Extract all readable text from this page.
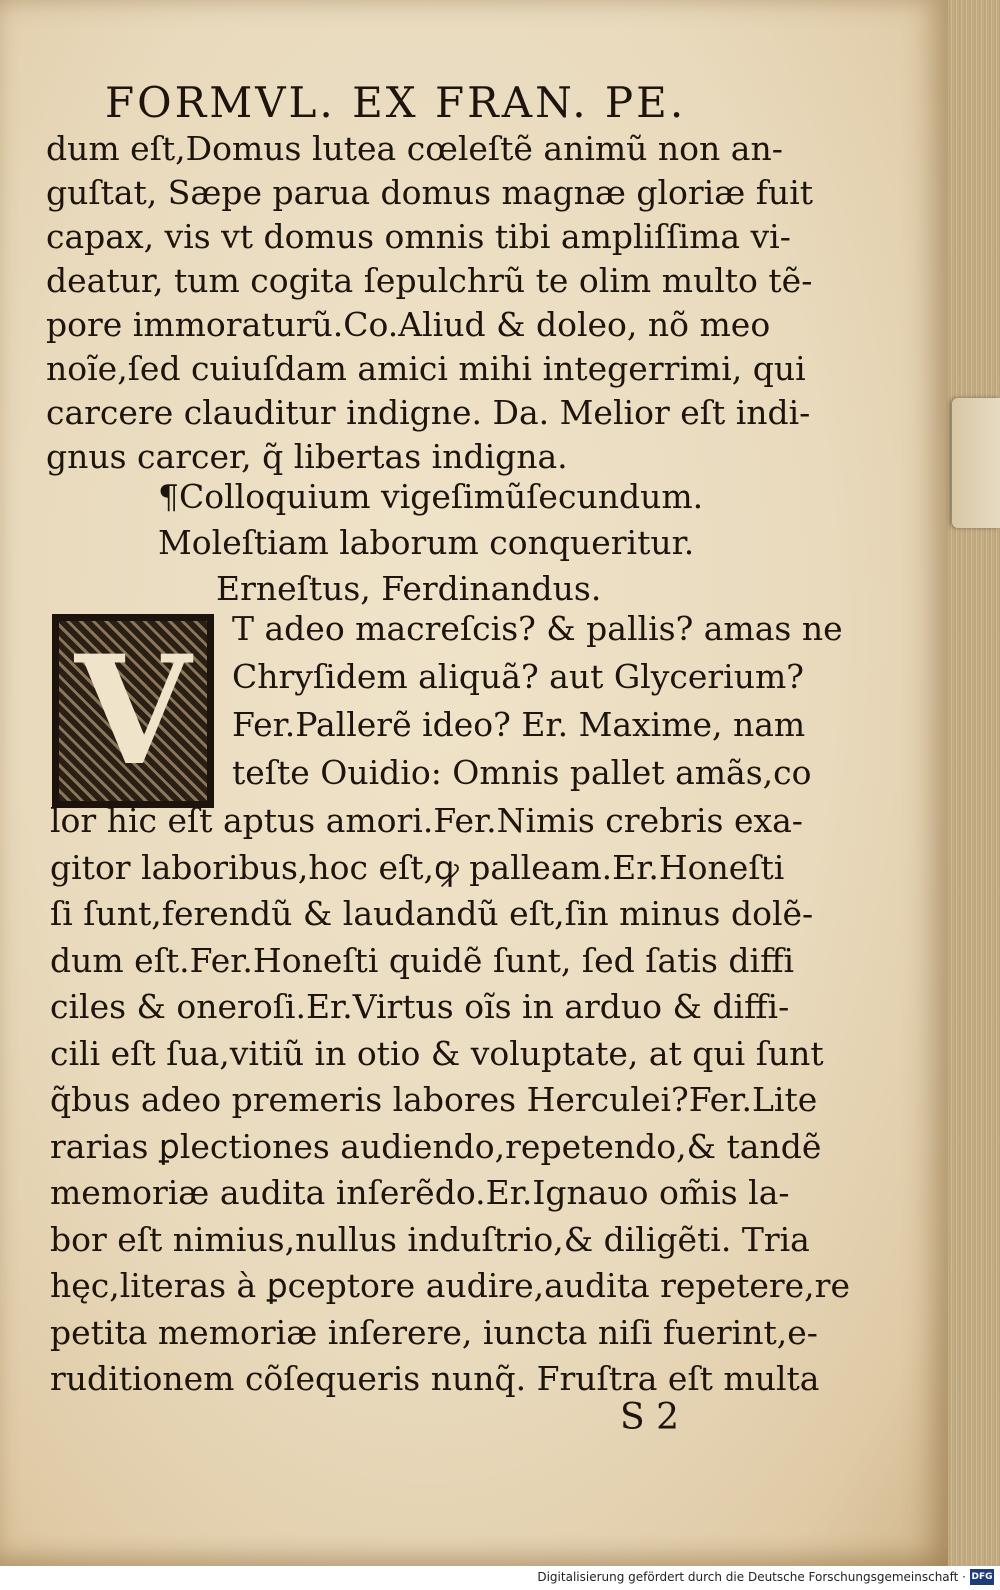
FORMVL. EX FRAN. PE.
dum eſt,Domus lutea cœleſtẽ animũ non an-
guſtat, Sæpe parua domus magnæ gloriæ fuit
capax, vis vt domus omnis tibi ampliſſima vi-
deatur, tum cogita ſepulchrũ te olim multo tẽ-
pore immoraturũ.Co.Aliud & doleo, nõ meo
noĩe,ſed cuiuſdam amici mihi integerrimi, qui
carcere clauditur indigne. Da. Melior eſt indi-
gnus carcer, q̃ libertas indigna.
¶Colloquium vigeſimũſecundum.
Moleſtiam laborum conqueritur.
Erneſtus, Ferdinandus.
V	T adeo macreſcis? & pallis? amas ne
Chryſidem aliquã? aut Glycerium?
Fer.Pallerẽ ideo? Er. Maxime, nam
teſte Ouidio: Omnis pallet amãs,co
lor hic eſt aptus amori.Fer.Nimis crebris exa-
gitor laboribus,hoc eſt,ꝙ palleam.Er.Honeſti
ſi ſunt,ferendũ & laudandũ eſt,ſin minus dolẽ-
dum eſt.Fer.Honeſti quidẽ ſunt, ſed ſatis diffi
ciles & oneroſi.Er.Virtus oĩs in arduo & diffi-
cili eſt ſua,vitiũ in otio & voluptate, at qui ſunt
q̃bus adeo premeris labores Herculei?Fer.Lite
rarias ꝑlectiones audiendo,repetendo,& tandẽ
memoriæ audita inſerẽdo.Er.Ignauo om̃is la-
bor eſt nimius,nullus induſtrio,& diligẽti. Tria
hęc,literas à ꝑceptore audire,audita repetere,re
petita memoriæ inſerere, iuncta niſi fuerint,e-
ruditionem cõſequeris nunq̃. Fruſtra eſt multa
S 2
Digitalisierung gefördert durch die Deutsche Forschungsgemeinschaft · DFG
